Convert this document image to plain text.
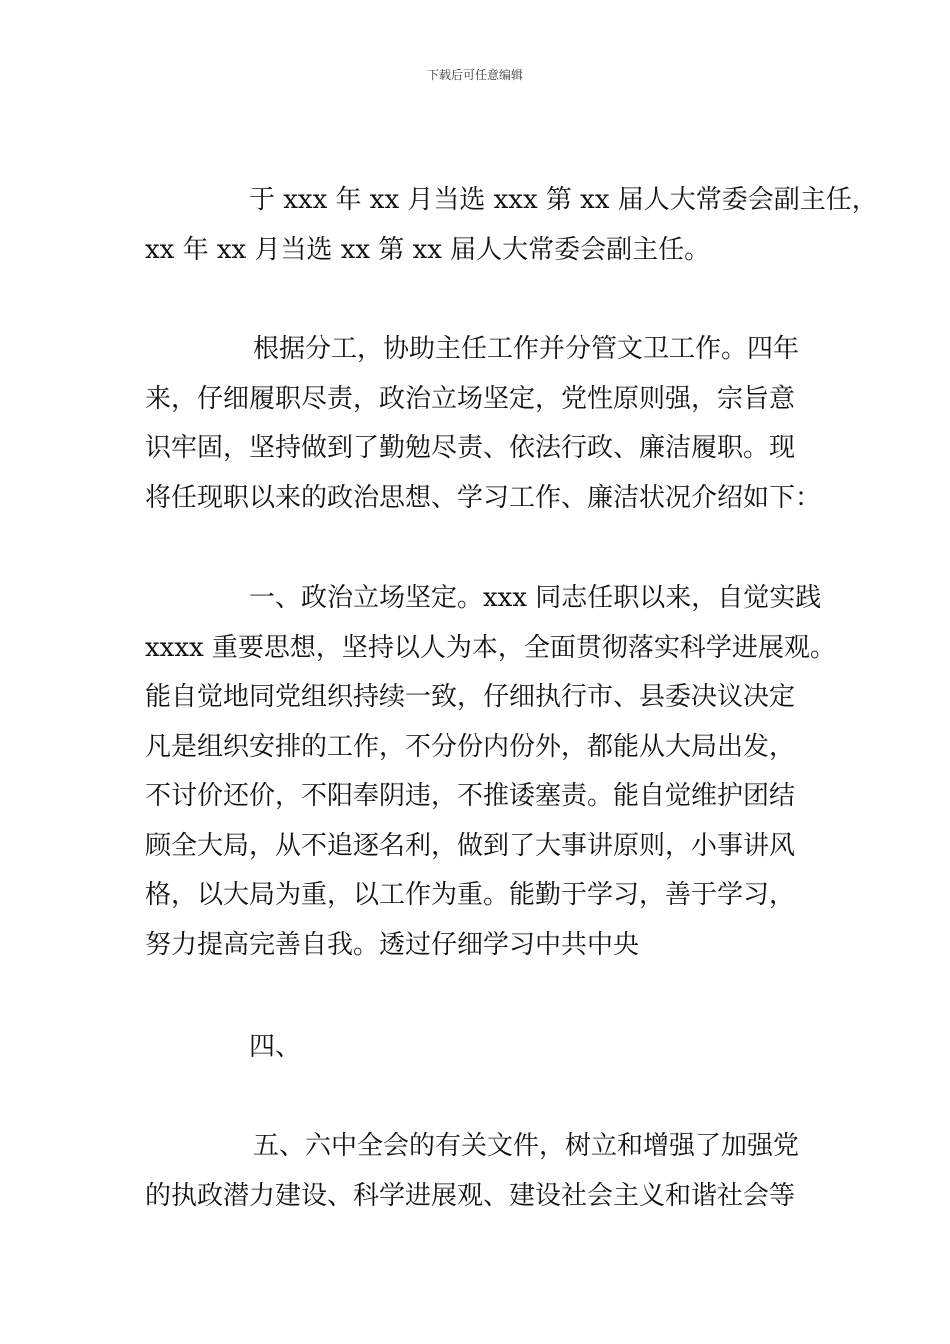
下载后可任意编辑
于 xxx 年 xx 月当选 xxx 第 xx 届人大常委会副主任，
xx 年 xx 月当选 xx 第 xx 届人大常委会副主任。
根据分工，协助主任工作并分管文卫工作。四年
来，仔细履职尽责，政治立场坚定，党性原则强，宗旨意
识牢固，坚持做到了勤勉尽责、依法行政、廉洁履职。现
将任现职以来的政治思想、学习工作、廉洁状况介绍如下：
一、政治立场坚定。xxx 同志任职以来，自觉实践
xxxx 重要思想，坚持以人为本，全面贯彻落实科学进展观。
能自觉地同党组织持续一致，仔细执行市、县委决议决定
凡是组织安排的工作，不分份内份外，都能从大局出发，
不讨价还价，不阳奉阴违，不推诿塞责。能自觉维护团结
顾全大局，从不追逐名利，做到了大事讲原则，小事讲风
格，以大局为重，以工作为重。能勤于学习，善于学习，
努力提高完善自我。透过仔细学习中共中央
四、
五、六中全会的有关文件，树立和增强了加强党
的执政潜力建设、科学进展观、建设社会主义和谐社会等
